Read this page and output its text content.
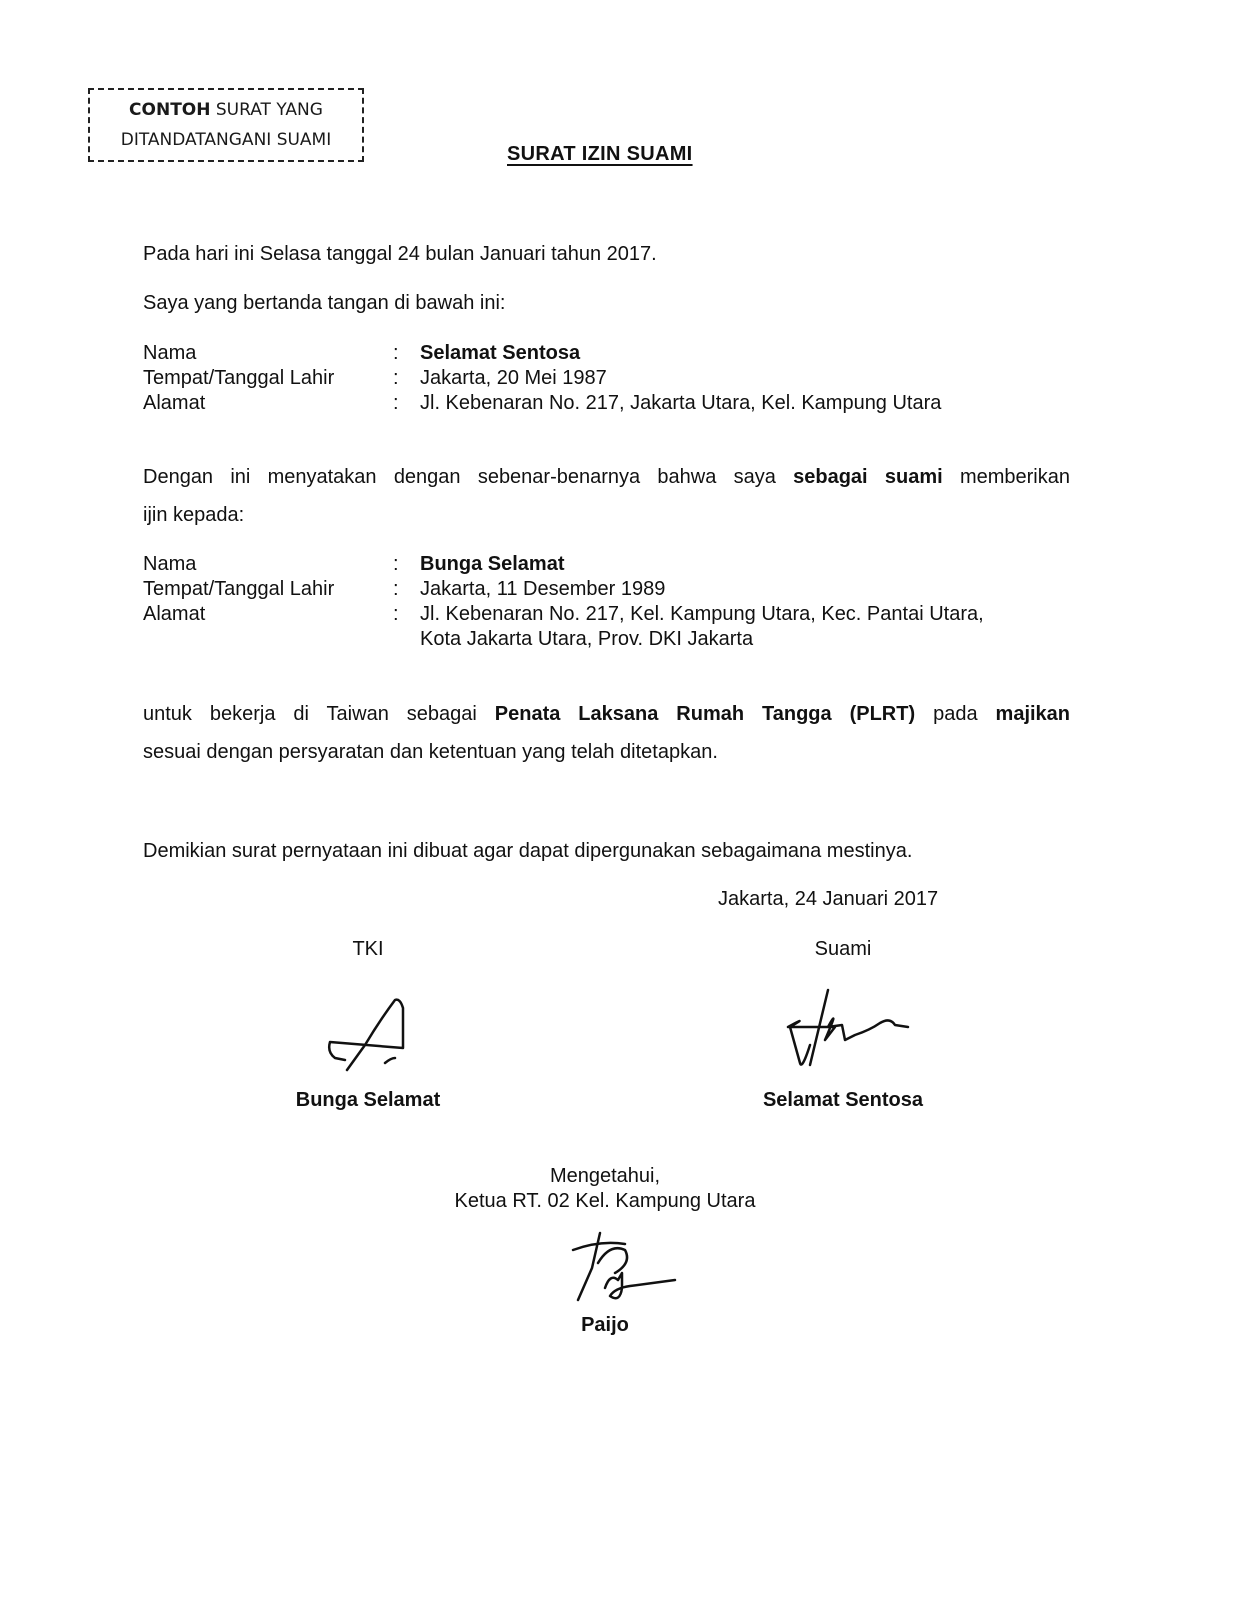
CONTOH SURAT YANG
DITANDATANGANI SUAMI
SURAT IZIN SUAMI
Pada hari ini Selasa tanggal 24 bulan Januari tahun 2017.
Saya yang bertanda tangan di bawah ini:
Nama	: Selamat Sentosa
Tempat/Tanggal Lahir	: Jakarta, 20 Mei 1987
Alamat	: Jl. Kebenaran No. 217, Jakarta Utara, Kel. Kampung Utara
Dengan ini menyatakan dengan sebenar-benarnya bahwa saya sebagai suami memberikan
ijin kepada:
Nama	: Bunga Selamat
Tempat/Tanggal Lahir	: Jakarta, 11 Desember 1989
Alamat	: Jl. Kebenaran No. 217, Kel. Kampung Utara, Kec. Pantai Utara,
Kota Jakarta Utara, Prov. DKI Jakarta
untuk bekerja di Taiwan sebagai Penata Laksana Rumah Tangga (PLRT) pada majikan
sesuai dengan persyaratan dan ketentuan yang telah ditetapkan.
Demikian surat pernyataan ini dibuat agar dapat dipergunakan sebagaimana mestinya.
Jakarta, 24 Januari 2017
TKI
Bunga Selamat
Suami
Selamat Sentosa
Mengetahui,
Ketua RT. 02 Kel. Kampung Utara
Paijo
